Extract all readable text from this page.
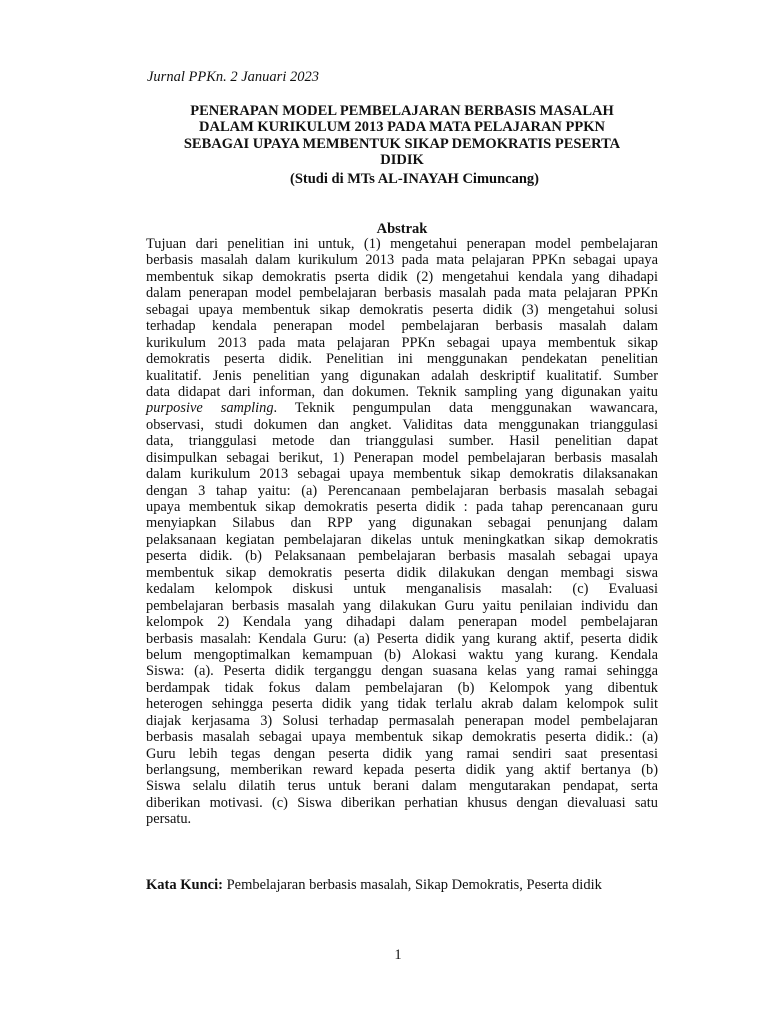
Jurnal PPKn. 2 Januari 2023
PENERAPAN MODEL PEMBELAJARAN BERBASIS MASALAH
DALAM KURIKULUM 2013 PADA MATA PELAJARAN PPKN
SEBAGAI UPAYA MEMBENTUK SIKAP DEMOKRATIS PESERTA
DIDIK
(Studi di MTs AL-INAYAH Cimuncang)
Abstrak
Tujuan dari penelitian ini untuk, (1) mengetahui penerapan model pembelajaran
berbasis masalah dalam kurikulum 2013 pada mata pelajaran PPKn sebagai upaya
membentuk sikap demokratis pserta didik (2) mengetahui kendala yang dihadapi
dalam penerapan model pembelajaran berbasis masalah pada mata pelajaran PPKn
sebagai upaya membentuk sikap demokratis peserta didik (3) mengetahui solusi
terhadap kendala penerapan model pembelajaran berbasis masalah dalam
kurikulum 2013 pada mata pelajaran PPKn sebagai upaya membentuk sikap
demokratis peserta didik. Penelitian ini menggunakan pendekatan penelitian
kualitatif. Jenis penelitian yang digunakan adalah deskriptif kualitatif. Sumber
data didapat dari informan, dan dokumen. Teknik sampling yang digunakan yaitu
purposive sampling. Teknik pengumpulan data menggunakan wawancara,
observasi, studi dokumen dan angket. Validitas data menggunakan trianggulasi
data, trianggulasi metode dan trianggulasi sumber. Hasil penelitian dapat
disimpulkan sebagai berikut, 1) Penerapan model pembelajaran berbasis masalah
dalam kurikulum 2013 sebagai upaya membentuk sikap demokratis dilaksanakan
dengan 3 tahap yaitu: (a) Perencanaan pembelajaran berbasis masalah sebagai
upaya membentuk sikap demokratis peserta didik : pada tahap perencanaan guru
menyiapkan Silabus dan RPP yang digunakan sebagai penunjang dalam
pelaksanaan kegiatan pembelajaran dikelas untuk meningkatkan sikap demokratis
peserta didik. (b) Pelaksanaan pembelajaran berbasis masalah sebagai upaya
membentuk sikap demokratis peserta didik dilakukan dengan membagi siswa
kedalam kelompok diskusi untuk menganalisis masalah: (c) Evaluasi
pembelajaran berbasis masalah yang dilakukan Guru yaitu penilaian individu dan
kelompok 2) Kendala yang dihadapi dalam penerapan model pembelajaran
berbasis masalah: Kendala Guru: (a) Peserta didik yang kurang aktif, peserta didik
belum mengoptimalkan kemampuan (b) Alokasi waktu yang kurang. Kendala
Siswa: (a). Peserta didik terganggu dengan suasana kelas yang ramai sehingga
berdampak tidak fokus dalam pembelajaran (b) Kelompok yang dibentuk
heterogen sehingga peserta didik yang tidak terlalu akrab dalam kelompok sulit
diajak kerjasama 3) Solusi terhadap permasalah penerapan model pembelajaran
berbasis masalah sebagai upaya membentuk sikap demokratis peserta didik.: (a)
Guru lebih tegas dengan peserta didik yang ramai sendiri saat presentasi
berlangsung, memberikan reward kepada peserta didik yang aktif bertanya (b)
Siswa selalu dilatih terus untuk berani dalam mengutarakan pendapat, serta
diberikan motivasi. (c) Siswa diberikan perhatian khusus dengan dievaluasi satu
persatu.
Kata Kunci: Pembelajaran berbasis masalah, Sikap Demokratis, Peserta didik
1
